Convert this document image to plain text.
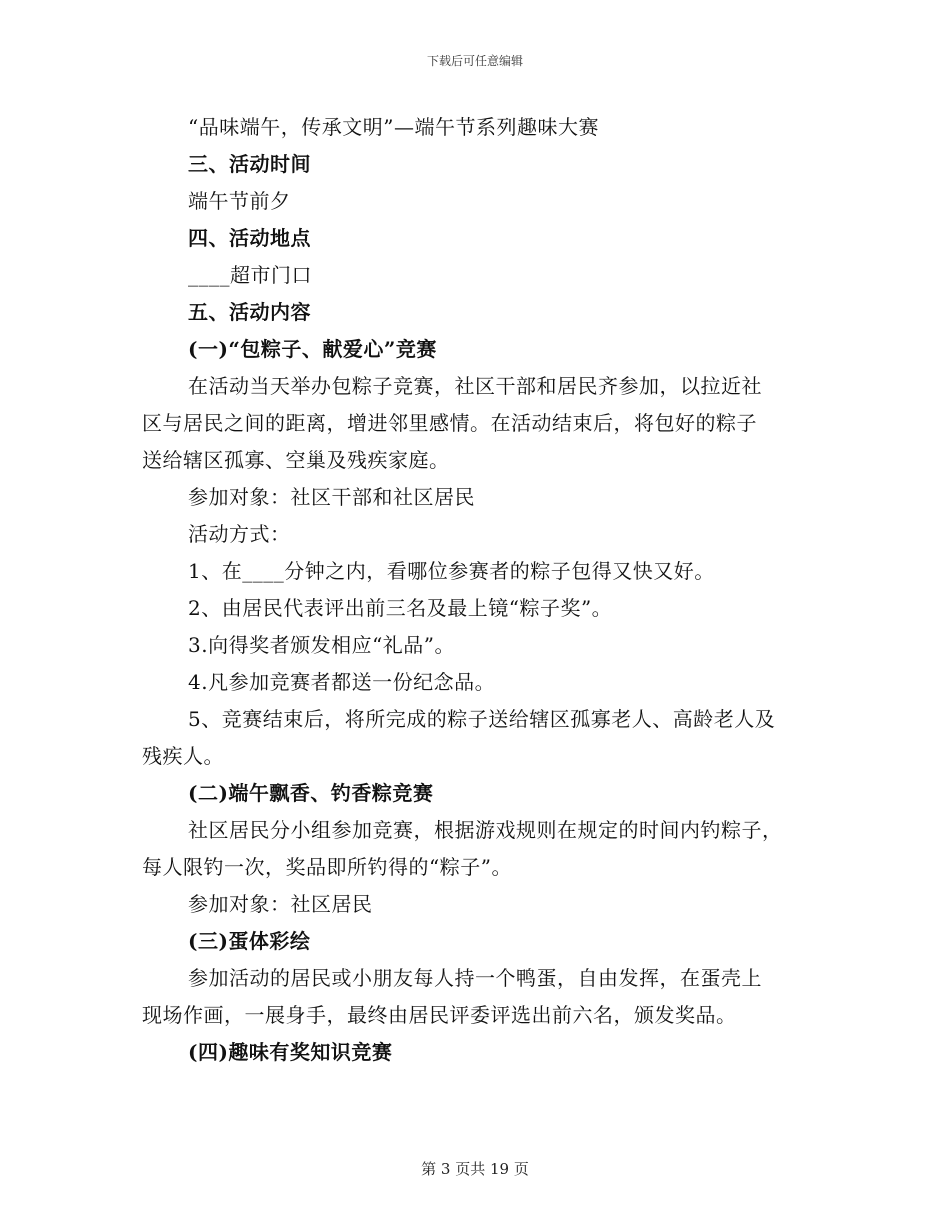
下载后可任意编辑
“品味端午，传承文明”—端午节系列趣味大赛
三、活动时间
端午节前夕
四、活动地点
____超市门口
五、活动内容
(一)“包粽子、献爱心”竞赛
在活动当天举办包粽子竞赛，社区干部和居民齐参加，以拉近社
区与居民之间的距离，增进邻里感情。在活动结束后，将包好的粽子
送给辖区孤寡、空巢及残疾家庭。
参加对象：社区干部和社区居民
活动方式：
1、在____分钟之内，看哪位参赛者的粽子包得又快又好。
2、由居民代表评出前三名及最上镜“粽子奖”。
3.向得奖者颁发相应“礼品”。
4.凡参加竞赛者都送一份纪念品。
5、竞赛结束后，将所完成的粽子送给辖区孤寡老人、高龄老人及
残疾人。
(二)端午飘香、钓香粽竞赛
社区居民分小组参加竞赛，根据游戏规则在规定的时间内钓粽子，
每人限钓一次，奖品即所钓得的“粽子”。
参加对象：社区居民
(三)蛋体彩绘
参加活动的居民或小朋友每人持一个鸭蛋，自由发挥，在蛋壳上
现场作画，一展身手，最终由居民评委评选出前六名，颁发奖品。
(四)趣味有奖知识竞赛
第 3 页共 19 页
